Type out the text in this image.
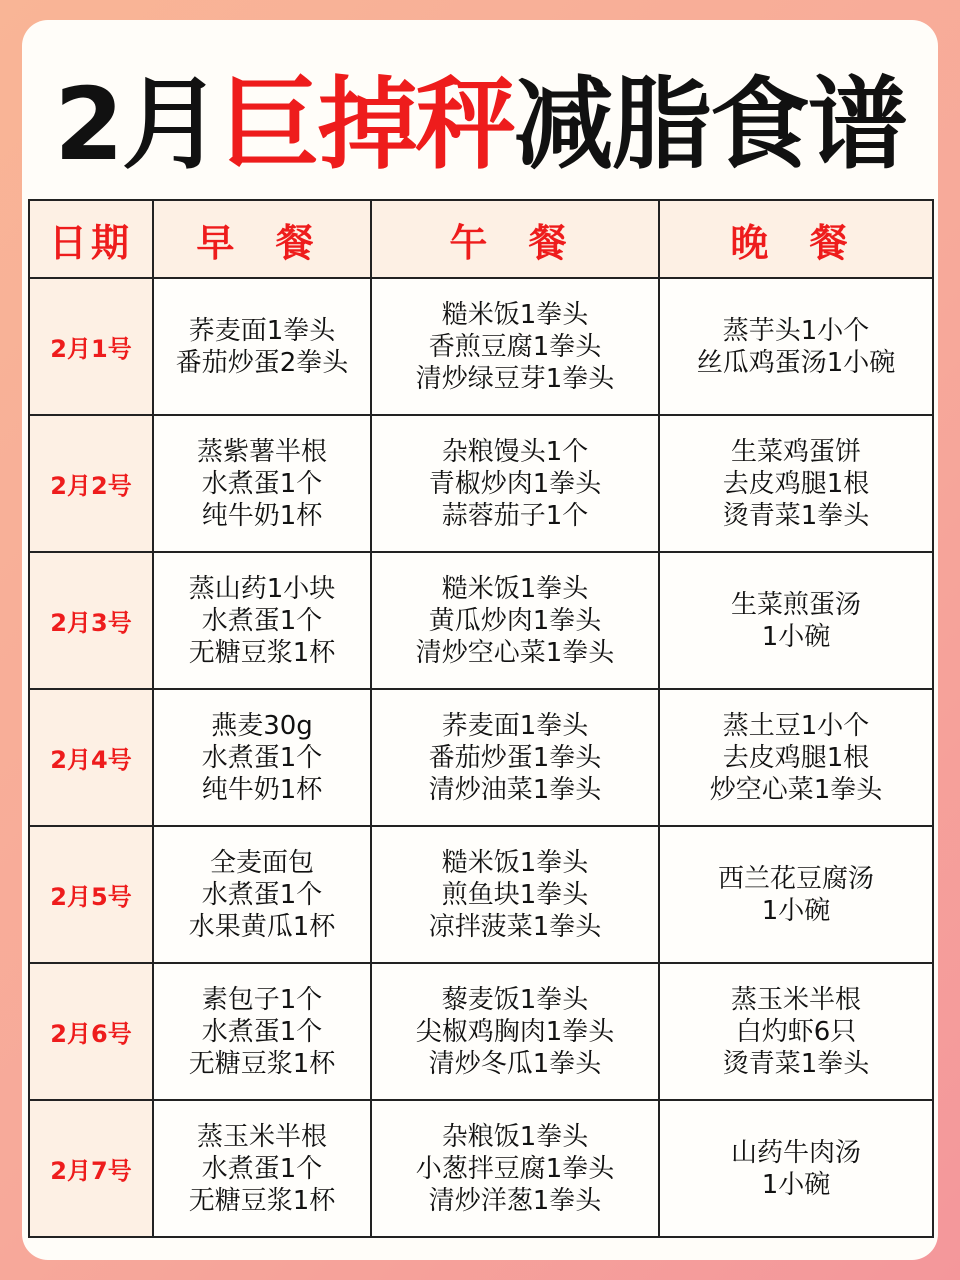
2月巨掉秤减脂食谱
日期	早 餐	午 餐	晚 餐
2月1号	荞麦面1拳头
番茄炒蛋2拳头	糙米饭1拳头
香煎豆腐1拳头
清炒绿豆芽1拳头	蒸芋头1小个
丝瓜鸡蛋汤1小碗

2月2号	蒸紫薯半根
水煮蛋1个
纯牛奶1杯	杂粮馒头1个
青椒炒肉1拳头
蒜蓉茄子1个	生菜鸡蛋饼
去皮鸡腿1根
烫青菜1拳头

2月3号	蒸山药1小块
水煮蛋1个
无糖豆浆1杯	糙米饭1拳头
黄瓜炒肉1拳头
清炒空心菜1拳头	生菜煎蛋汤
1小碗

2月4号	燕麦30g
水煮蛋1个
纯牛奶1杯	荞麦面1拳头
番茄炒蛋1拳头
清炒油菜1拳头	蒸土豆1小个
去皮鸡腿1根
炒空心菜1拳头

2月5号	全麦面包
水煮蛋1个
水果黄瓜1杯	糙米饭1拳头
煎鱼块1拳头
凉拌菠菜1拳头	西兰花豆腐汤
1小碗

2月6号	素包子1个
水煮蛋1个
无糖豆浆1杯	藜麦饭1拳头
尖椒鸡胸肉1拳头
清炒冬瓜1拳头	蒸玉米半根
白灼虾6只
烫青菜1拳头

2月7号	蒸玉米半根
水煮蛋1个
无糖豆浆1杯	杂粮饭1拳头
小葱拌豆腐1拳头
清炒洋葱1拳头	山药牛肉汤
1小碗
